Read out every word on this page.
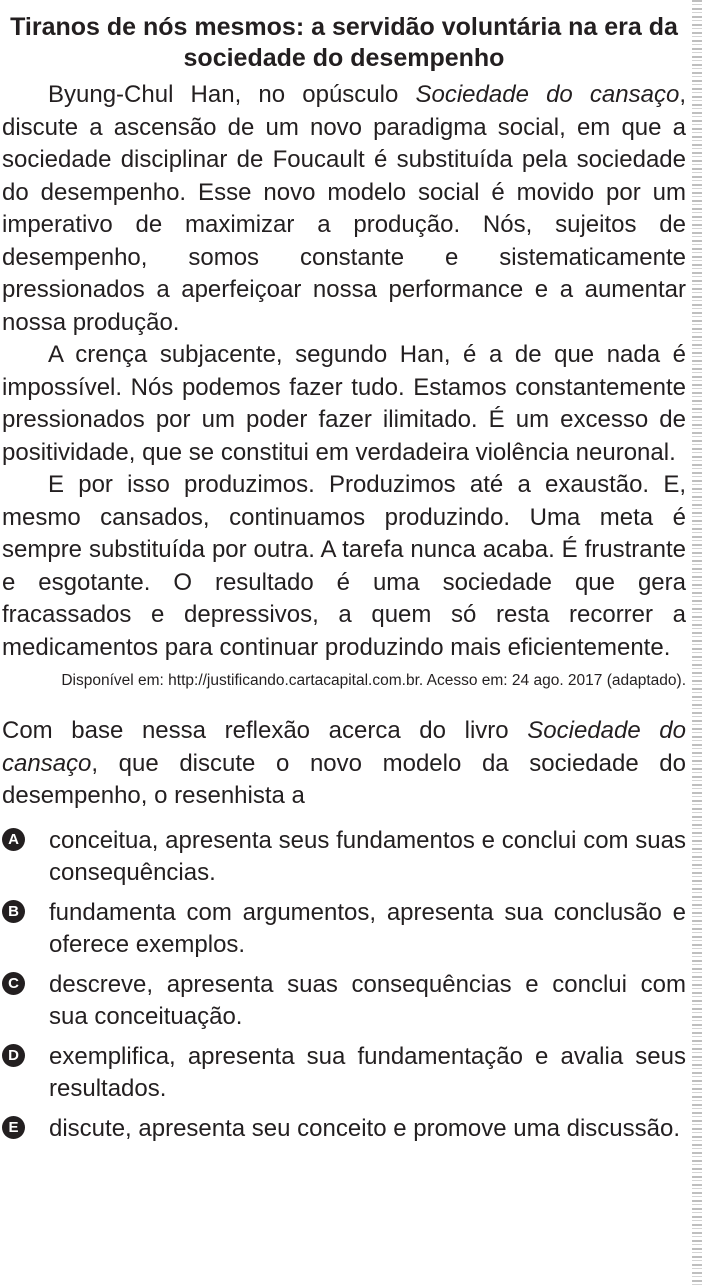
Tiranos de nós mesmos: a servidão voluntária na era da sociedade do desempenho

Byung-Chul Han, no opúsculo Sociedade do cansaço, discute a ascensão de um novo paradigma social, em que a sociedade disciplinar de Foucault é substituída pela sociedade do desempenho. Esse novo modelo social é movido por um imperativo de maximizar a produção. Nós, sujeitos de desempenho, somos constante e sistematicamente pressionados a aperfeiçoar nossa performance e a aumentar nossa produção.

A crença subjacente, segundo Han, é a de que nada é impossível. Nós podemos fazer tudo. Estamos constantemente pressionados por um poder fazer ilimitado. É um excesso de positividade, que se constitui em verdadeira violência neuronal.

E por isso produzimos. Produzimos até a exaustão. E, mesmo cansados, continuamos produzindo. Uma meta é sempre substituída por outra. A tarefa nunca acaba. É frustrante e esgotante. O resultado é uma sociedade que gera fracassados e depressivos, a quem só resta recorrer a medicamentos para continuar produzindo mais eficientemente.

Disponível em: http://justificando.cartacapital.com.br. Acesso em: 24 ago. 2017 (adaptado).

Com base nessa reflexão acerca do livro Sociedade do cansaço, que discute o novo modelo da sociedade do desempenho, o resenhista a

A conceitua, apresenta seus fundamentos e conclui com suas consequências.
B fundamenta com argumentos, apresenta sua conclusão e oferece exemplos.
C descreve, apresenta suas consequências e conclui com sua conceituação.
D exemplifica, apresenta sua fundamentação e avalia seus resultados.
E discute, apresenta seu conceito e promove uma discussão.
